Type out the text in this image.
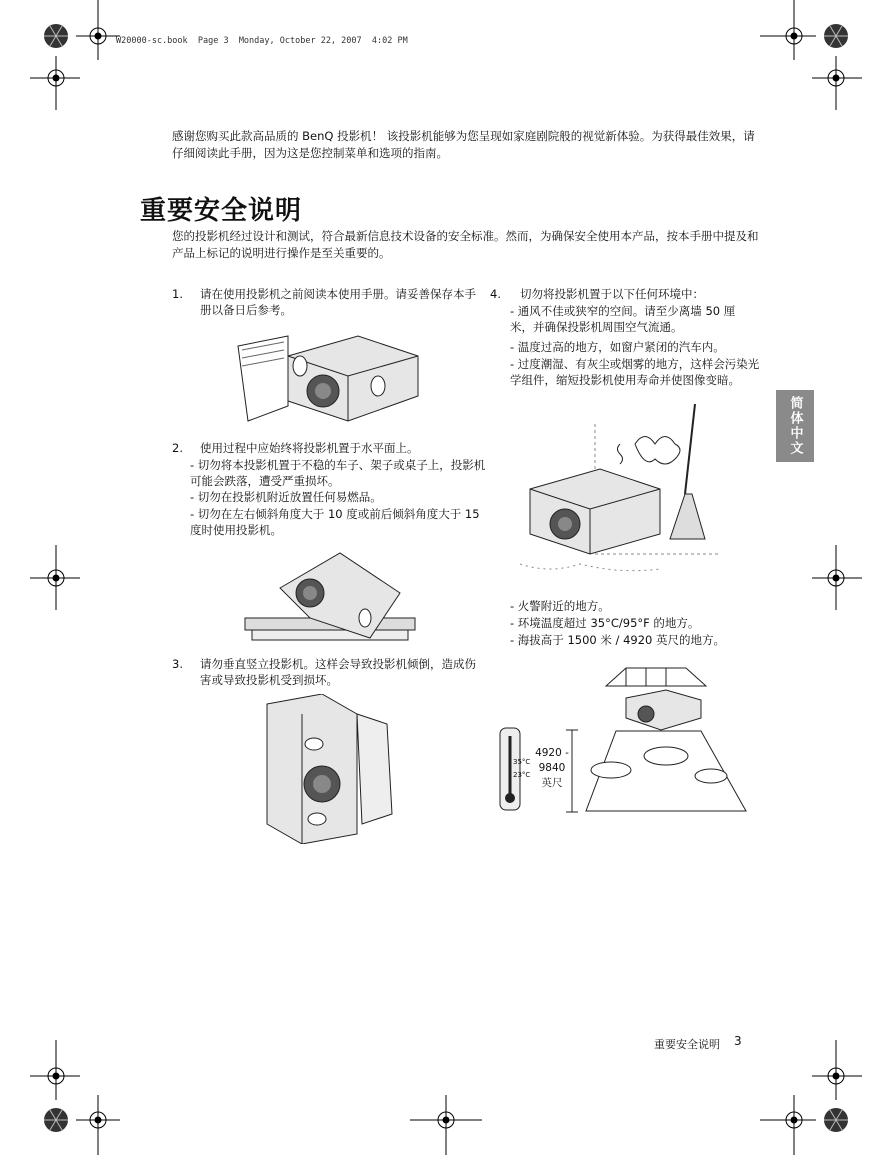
W20000-sc.book  Page 3  Monday, October 22, 2007  4:02 PM
感谢您购买此款高品质的 BenQ 投影机！ 该投影机能够为您呈现如家庭剧院般的视觉新体验。为获得最佳效果，请仔细阅读此手册，因为这是您控制菜单和选项的指南。
重要安全说明
您的投影机经过设计和测试，符合最新信息技术设备的安全标准。然而，为确保安全使用本产品，按本手册中提及和产品上标记的说明进行操作是至关重要的。
1. 请在使用投影机之前阅读本使用手册。请妥善保存本手册以备日后参考。
2. 使用过程中应始终将投影机置于水平面上。
- 切勿将本投影机置于不稳的车子、架子或桌子上，投影机可能会跌落，遭受严重损坏。
- 切勿在投影机附近放置任何易燃品。
- 切勿在左右倾斜角度大于 10 度或前后倾斜角度大于 15 度时使用投影机。
3. 请勿垂直竖立投影机。这样会导致投影机倾倒，造成伤害或导致投影机受到损坏。
4. 切勿将投影机置于以下任何环境中：
- 通风不佳或狭窄的空间。请至少离墙 50 厘米，并确保投影机周围空气流通。
- 温度过高的地方，如窗户紧闭的汽车内。
- 过度潮湿、有灰尘或烟雾的地方，这样会污染光学组件，缩短投影机使用寿命并使图像变暗。
- 火警附近的地方。
- 环境温度超过 35°C/95°F 的地方。
- 海拔高于 1500 米 / 4920 英尺的地方。
35°C
23°C
4920 -
9840
英尺
简体中文
重要安全说明 3
